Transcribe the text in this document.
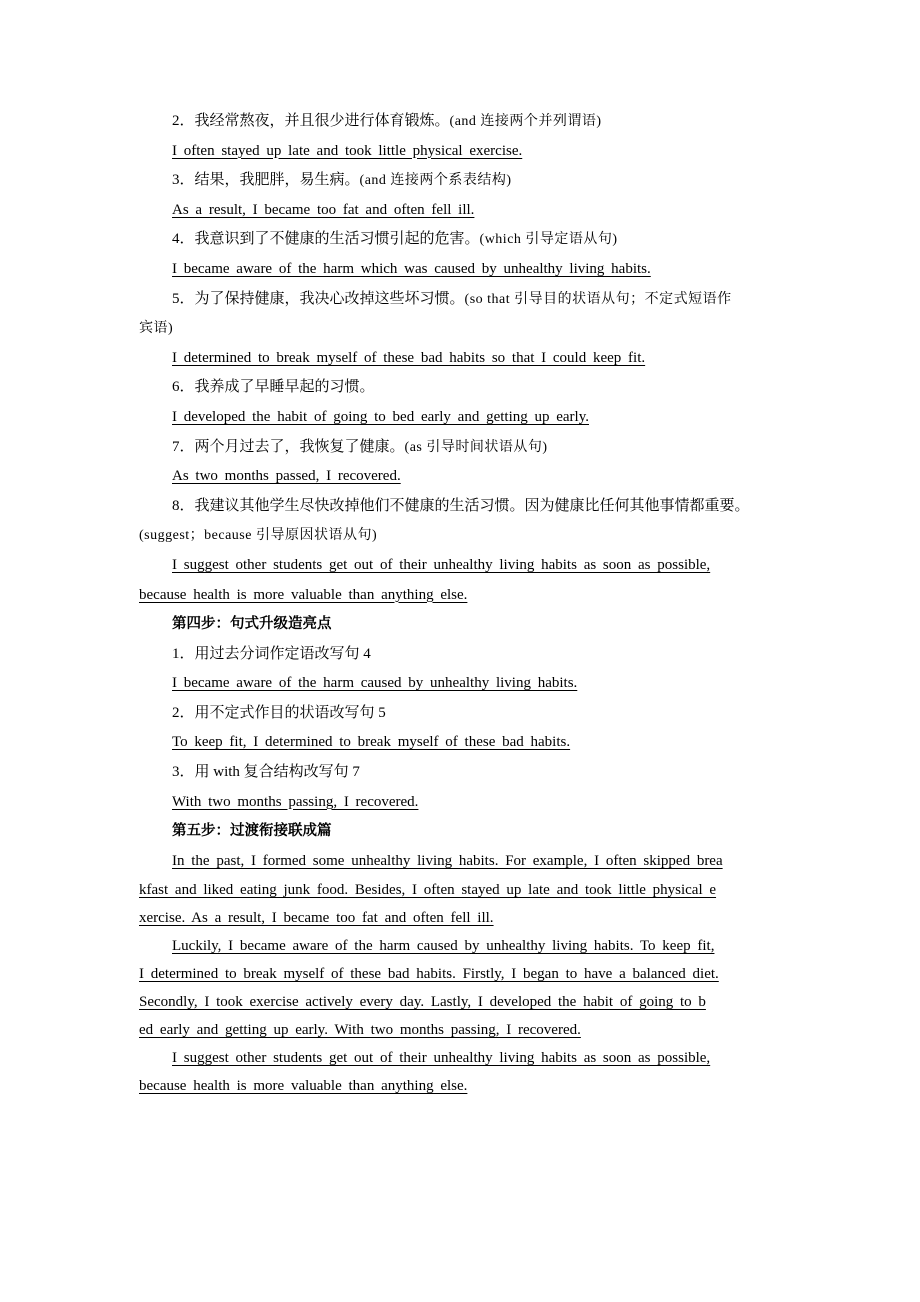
2．我经常熬夜，并且很少进行体育锻炼。(and 连接两个并列谓语)
I often stayed up late and took little physical exercise.
3．结果，我肥胖，易生病。(and 连接两个系表结构)
As a result, I became too fat and often fell ill.
4．我意识到了不健康的生活习惯引起的危害。(which 引导定语从句)
I became aware of the harm which was caused by unhealthy living habits.
5．为了保持健康，我决心改掉这些坏习惯。(so that 引导目的状语从句；不定式短语作
宾语)
I determined to break myself of these bad habits so that I could keep fit.
6．我养成了早睡早起的习惯。
I developed the habit of going to bed early and getting up early.
7．两个月过去了，我恢复了健康。(as 引导时间状语从句)
As two months passed, I recovered.
8．我建议其他学生尽快改掉他们不健康的生活习惯。因为健康比任何其他事情都重要。
(suggest；because 引导原因状语从句)
I suggest other students get out of their unhealthy living habits as soon as possible,
because health is more valuable than anything else.
第四步：句式升级造亮点
1．用过去分词作定语改写句 4
I became aware of the harm caused by unhealthy living habits.
2．用不定式作目的状语改写句 5
To keep fit, I determined to break myself of these bad habits.
3．用 with 复合结构改写句 7
With two months passing, I recovered.
第五步：过渡衔接联成篇
In the past, I formed some unhealthy living habits. For example, I often skipped brea
kfast and liked eating junk food. Besides, I often stayed up late and took little physical e
xercise. As a result, I became too fat and often fell ill.
Luckily, I became aware of the harm caused by unhealthy living habits. To keep fit,
I determined to break myself of these bad habits. Firstly, I began to have a balanced diet.
Secondly, I took exercise actively every day. Lastly, I developed the habit of going to b
ed early and getting up early. With two months passing, I recovered.
I suggest other students get out of their unhealthy living habits as soon as possible,
because health is more valuable than anything else.
